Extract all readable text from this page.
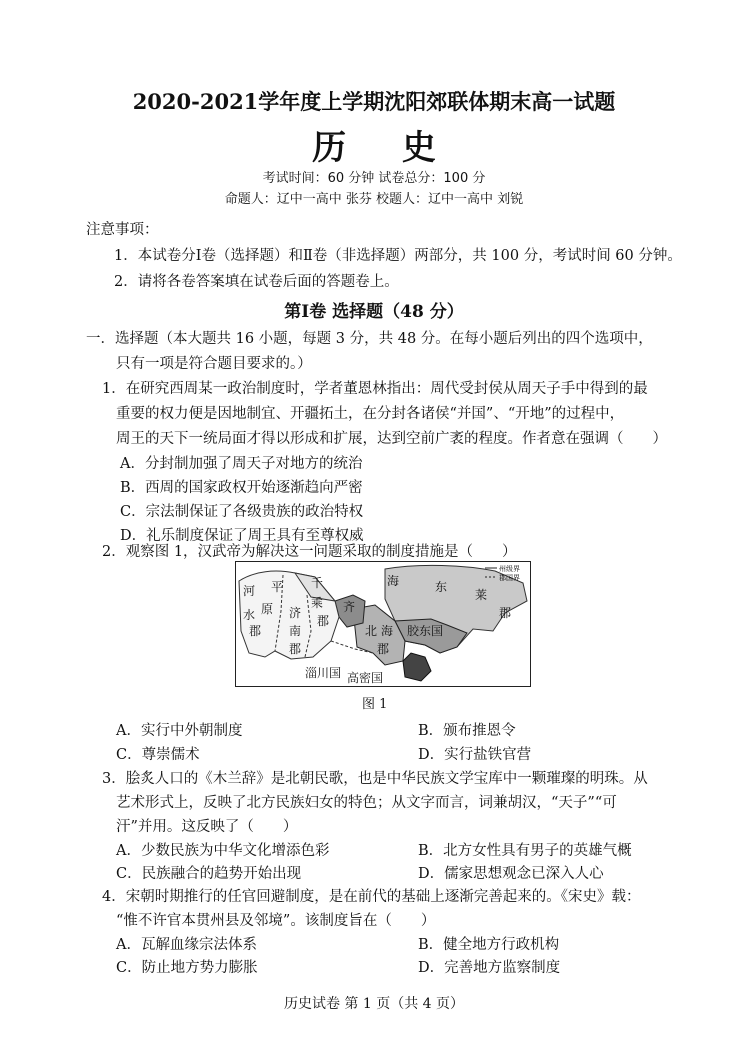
2020-2021学年度上学期沈阳郊联体期末高一试题
历 史
考试时间：60 分钟 试卷总分：100 分
命题人：辽中一高中 张芬 校题人：辽中一高中 刘锐
注意事项：
1．本试卷分Ⅰ卷（选择题）和Ⅱ卷（非选择题）两部分，共 100 分，考试时间 60 分钟。
2．请将各卷答案填在试卷后面的答题卷上。
第Ⅰ卷 选择题（48 分）
一．选择题（本大题共 16 小题，每题 3 分，共 48 分。在每小题后列出的四个选项中，
只有一项是符合题目要求的。）
1．在研究西周某一政治制度时，学者董恩林指出：周代受封侯从周天子手中得到的最
重要的权力便是因地制宜、开疆拓土，在分封各诸侯“并国”、“开地”的过程中，
周王的天下一统局面才得以形成和扩展，达到空前广袤的程度。作者意在强调（　　）
A．分封制加强了周天子对地方的统治
B．西周的国家政权开始逐渐趋向严密
C．宗法制保证了各级贵族的政治特权
D．礼乐制度保证了周王具有至尊权威
2．观察图 1，汉武帝为解决这一问题采取的制度措施是（　　）
河 平
原
水
郡
千
乘
郡
济
南
郡
齐
北 海
郡
胶东国
东
莱
郡
海
淄川国 高密国
州级界
郡国界
图 1
A．实行中外朝制度	B．颁布推恩令
C．尊崇儒术	D．实行盐铁官营
3．脍炙人口的《木兰辞》是北朝民歌，也是中华民族文学宝库中一颗璀璨的明珠。从
艺术形式上，反映了北方民族妇女的特色；从文字而言，词兼胡汉，“天子”“可
汗”并用。这反映了（　　）
A．少数民族为中华文化增添色彩	B．北方女性具有男子的英雄气概
C．民族融合的趋势开始出现	D．儒家思想观念已深入人心
4．宋朝时期推行的任官回避制度，是在前代的基础上逐渐完善起来的。《宋史》载：
“惟不许官本贯州县及邻境”。该制度旨在（　　）
A．瓦解血缘宗法体系	B．健全地方行政机构
C．防止地方势力膨胀	D．完善地方监察制度
历史试卷 第 1 页（共 4 页）
